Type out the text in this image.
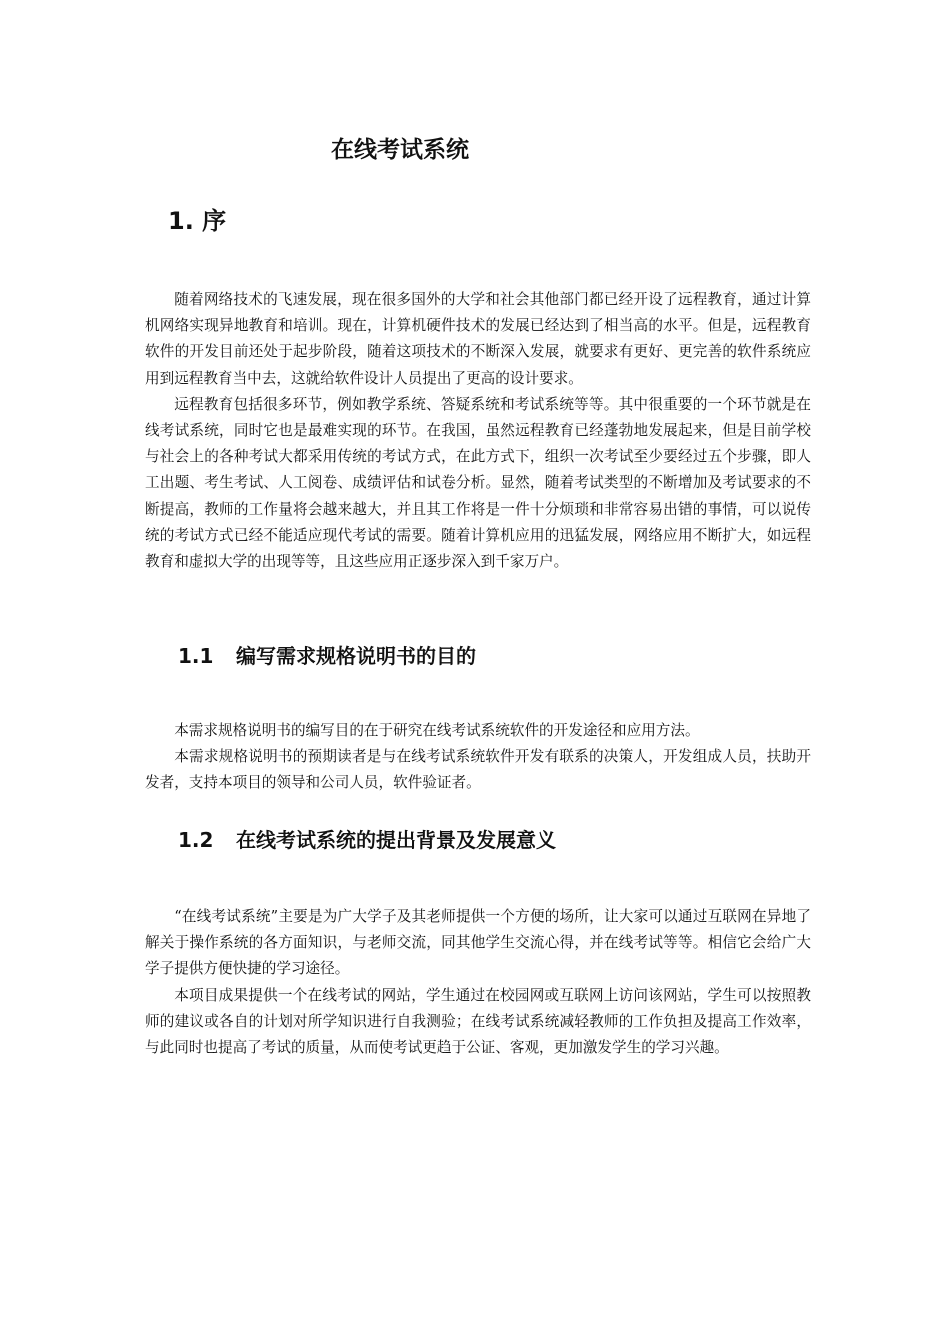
在线考试系统
1. 序

随着网络技术的飞速发展，现在很多国外的大学和社会其他部门都已经开设了远程教育，通过计算机网络实现异地教育和培训。现在，计算机硬件技术的发展已经达到了相当高的水平。但是，远程教育软件的开发目前还处于起步阶段，随着这项技术的不断深入发展，就要求有更好、更完善的软件系统应用到远程教育当中去，这就给软件设计人员提出了更高的设计要求。

远程教育包括很多环节，例如教学系统、答疑系统和考试系统等等。其中很重要的一个环节就是在线考试系统，同时它也是最难实现的环节。在我国，虽然远程教育已经蓬勃地发展起来，但是目前学校与社会上的各种考试大都采用传统的考试方式，在此方式下，组织一次考试至少要经过五个步骤，即人工出题、考生考试、人工阅卷、成绩评估和试卷分析。显然，随着考试类型的不断增加及考试要求的不断提高，教师的工作量将会越来越大，并且其工作将是一件十分烦琐和非常容易出错的事情，可以说传统的考试方式已经不能适应现代考试的需要。随着计算机应用的迅猛发展，网络应用不断扩大，如远程教育和虚拟大学的出现等等，且这些应用正逐步深入到千家万户。

1.1 编写需求规格说明书的目的

本需求规格说明书的编写目的在于研究在线考试系统软件的开发途径和应用方法。

本需求规格说明书的预期读者是与在线考试系统软件开发有联系的决策人，开发组成人员，扶助开发者，支持本项目的领导和公司人员，软件验证者。

1.2 在线考试系统的提出背景及发展意义

“在线考试系统”主要是为广大学子及其老师提供一个方便的场所，让大家可以通过互联网在异地了解关于操作系统的各方面知识，与老师交流，同其他学生交流心得，并在线考试等等。相信它会给广大学子提供方便快捷的学习途径。

本项目成果提供一个在线考试的网站，学生通过在校园网或互联网上访问该网站，学生可以按照教师的建议或各自的计划对所学知识进行自我测验；在线考试系统减轻教师的工作负担及提高工作效率，与此同时也提高了考试的质量，从而使考试更趋于公证、客观，更加激发学生的学习兴趣。
